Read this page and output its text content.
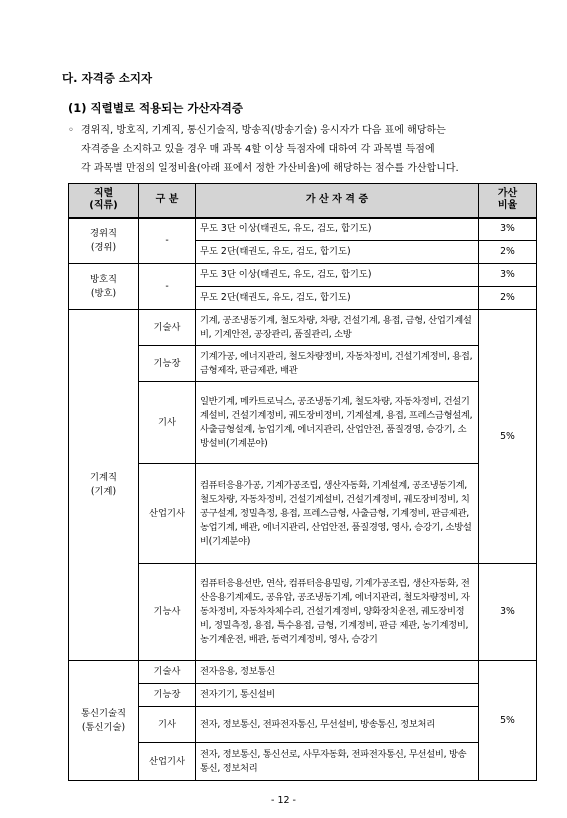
다. 자격증 소지자
(1) 직렬별로 적용되는 가산자격증
◦ 경위직, 방호직, 기계직, 통신기술직, 방송직(방송기술) 응시자가 다음 표에 해당하는
자격증을 소지하고 있을 경우 매 과목 4할 이상 득점자에 대하여 각 과목별 득점에
각 과목별 만점의 일정비율(아래 표에서 정한 가산비율)에 해당하는 점수를 가산합니다.
직렬
(직류)	구 분	가 산 자 격 증	가산
비율
경위직
(경위)	-	무도 3단 이상(태권도, 유도, 검도, 합기도)	3%
		무도 2단(태권도, 유도, 검도, 합기도)	2%
방호직
(방호)	-	무도 3단 이상(태권도, 유도, 검도, 합기도)	3%
		무도 2단(태권도, 유도, 검도, 합기도)	2%
기계직
(기계)	기술사	기계, 공조냉동기계, 철도차량, 차량, 건설기계, 용접, 금형, 산업기계설비, 기계안전, 공장관리, 품질관리, 소방	5%
	기능장	기계가공, 에너지관리, 철도차량정비, 자동차정비, 건설기계정비, 용접, 금형제작, 판금제관, 배관	
	기사	일반기계, 메카트로닉스, 공조냉동기계, 철도차량, 자동차정비, 건설기계설비, 건설기계정비, 궤도장비정비, 기계설계, 용접, 프레스금형설계, 사출금형설계, 농업기계, 에너지관리, 산업안전, 품질경영, 승강기, 소방설비(기계분야)	
	산업기사	컴퓨터응용가공, 기계가공조립, 생산자동화, 기계설계, 공조냉동기계, 철도차량, 자동차정비, 건설기계설비, 건설기계정비, 궤도장비정비, 치공구설계, 정밀측정, 용접, 프레스금형, 사출금형, 기계정비, 판금제관, 농업기계, 배관, 에너지관리, 산업안전, 품질경영, 영사, 승강기, 소방설비(기계분야)	
	기능사	컴퓨터응용선반, 연삭, 컴퓨터응용밀링, 기계가공조립, 생산자동화, 전산응용기계제도, 공유압, 공조냉동기계, 에너지관리, 철도차량정비, 자동차정비, 자동차차체수리, 건설기계정비, 양화장치운전, 궤도장비정비, 정밀측정, 용접, 특수용접, 금형, 기계정비, 판금 제관, 농기계정비, 농기계운전, 배관, 동력기계정비, 영사, 승강기	3%
통신기술직
(통신기술)	기술사	전자응용, 정보통신	5%
	기능장	전자기기, 통신설비	
	기사	전자, 정보통신, 전파전자통신, 무선설비, 방송통신, 정보처리	
	산업기사	전자, 정보통신, 통신선로, 사무자동화, 전파전자통신, 무선설비, 방송통신, 정보처리	
- 12 -
